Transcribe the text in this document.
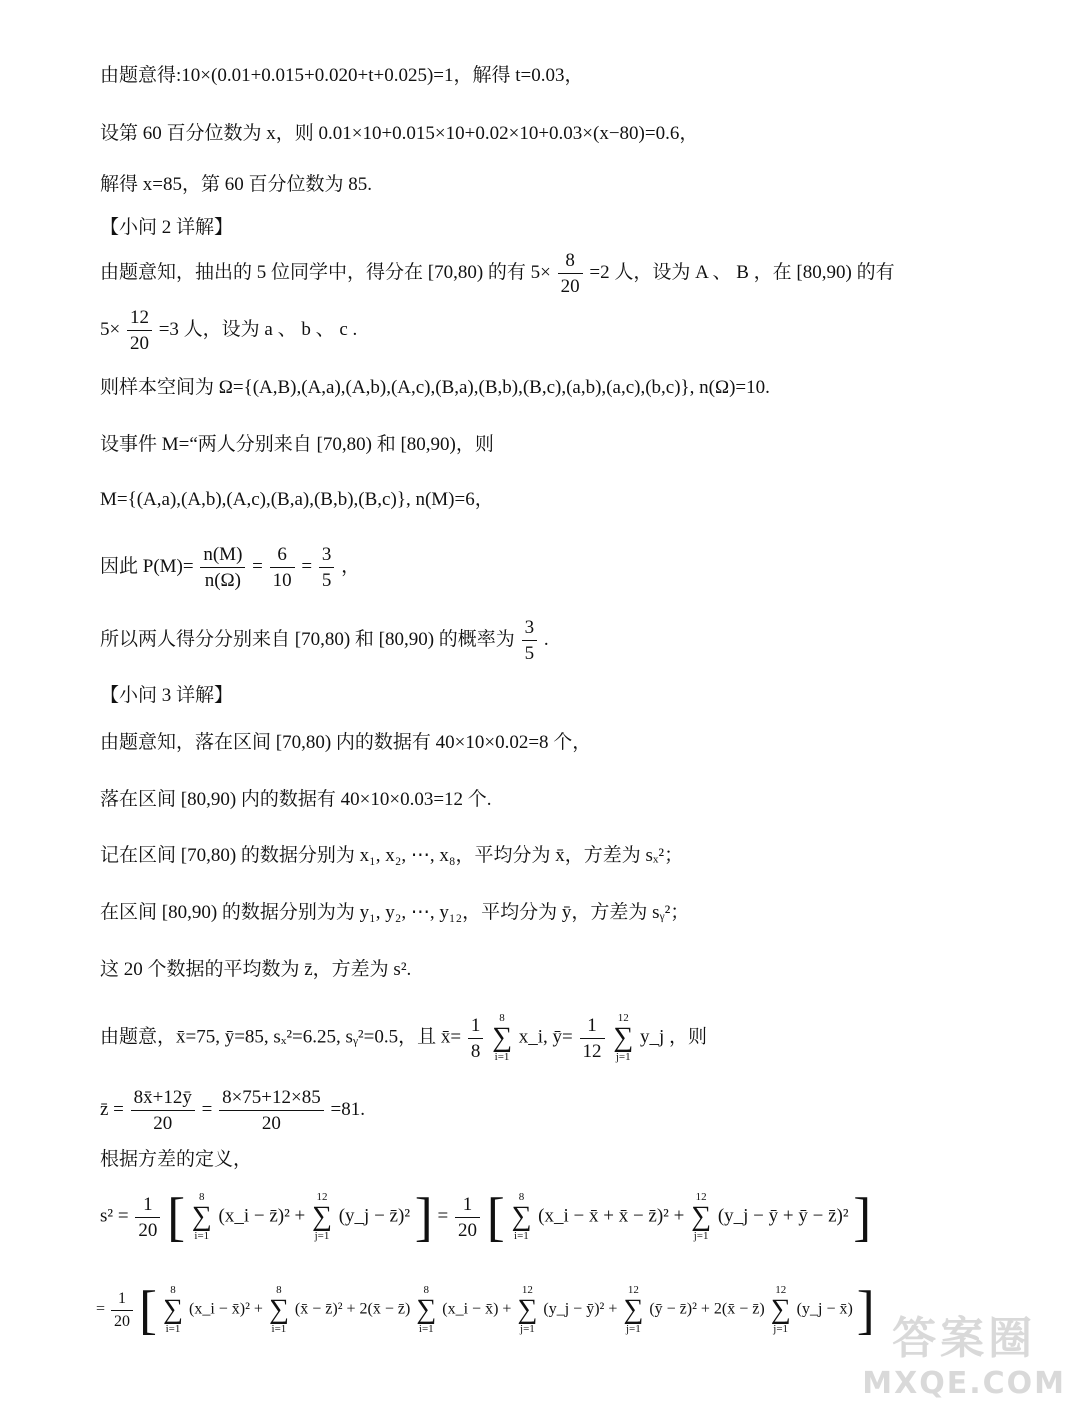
由题意得:10×(0.01+0.015+0.020+t+0.025)=1，解得 t=0.03，
设第 60 百分位数为 x，则 0.01×10+0.015×10+0.02×10+0.03×(x−80)=0.6，
解得 x=85，第 60 百分位数为 85.
【小问 2 详解】
由题意知，抽出的 5 位同学中，得分在 [70,80) 的有 $5\times \frac{8}{20} =2$ 人，设为 A 、 B ，在 [80,90) 的有
$5\times \frac{12}{20} =3$ 人，设为 a 、 b 、 c .
则样本空间为 Ω={(A,B),(A,a),(A,b),(A,c),(B,a),(B,b),(B,c),(a,b),(a,c),(b,c)}, n(Ω)=10.
设事件 M=“两人分别来自 [70,80) 和 [80,90)，则
M={(A,a),(A,b),(A,c),(B,a),(B,b),(B,c)}, n(M)=6，
因此 $P(M)= \frac{n(M)}{n(\Omega)} = \frac{6}{10} = \frac{3}{5}$ ，
所以两人得分分别来自 [70,80) 和 [80,90) 的概率为 $\frac{3}{5}$ .
【小问 3 详解】
由题意知，落在区间 [70,80) 内的数据有 40×10×0.02=8 个，
落在区间 [80,90) 内的数据有 40×10×0.03=12 个.
记在区间 [70,80) 的数据分别为 x₁, x₂, ⋯, x₈，平均分为 x̄，方差为 sₓ²；
在区间 [80,90) 的数据分别为为 y₁, y₂, ⋯, y₁₂，平均分为 ȳ，方差为 sᵧ²；
这 20 个数据的平均数为 z̄，方差为 s².
由题意，x̄=75, ȳ=85, sₓ²=6.25, sᵧ²=0.5，且 x̄= $\frac{1}{8}$
	8
∑
i=1
x_i, ȳ= $\frac{1}{12}$
	12
∑
j=1
y_j ，则
z̄ = $\frac{8x̄+12ȳ}{20} = \frac{8\times 75+12\times 85}{20} =81$.
根据方差的定义，
$s^2 = \frac{1}{20}$ [	8
∑
i=1
(x_i − z̄)² +
12
∑
j=1
(y_j − z̄)² ] = $\frac{1}{20}$ [	8
∑
i=1
(x_i − x̄ + x̄ − z̄)² +
12
∑
j=1
(y_j − ȳ + ȳ − z̄)² ]
= $\frac{1}{20}$ [	8
∑
i=1
(x_i − x̄)² +
8
∑
i=1
(x̄ − z̄)² + 2(x̄ − z̄)
8
∑
i=1
(x_i − x̄) +
12
∑
j=1
(y_j − ȳ)² +
12
∑
j=1
(ȳ − z̄)² + 2(x̄ − z̄)
12
∑
j=1
(y_j − x̄) ] 答案圈
MXQE.COM
